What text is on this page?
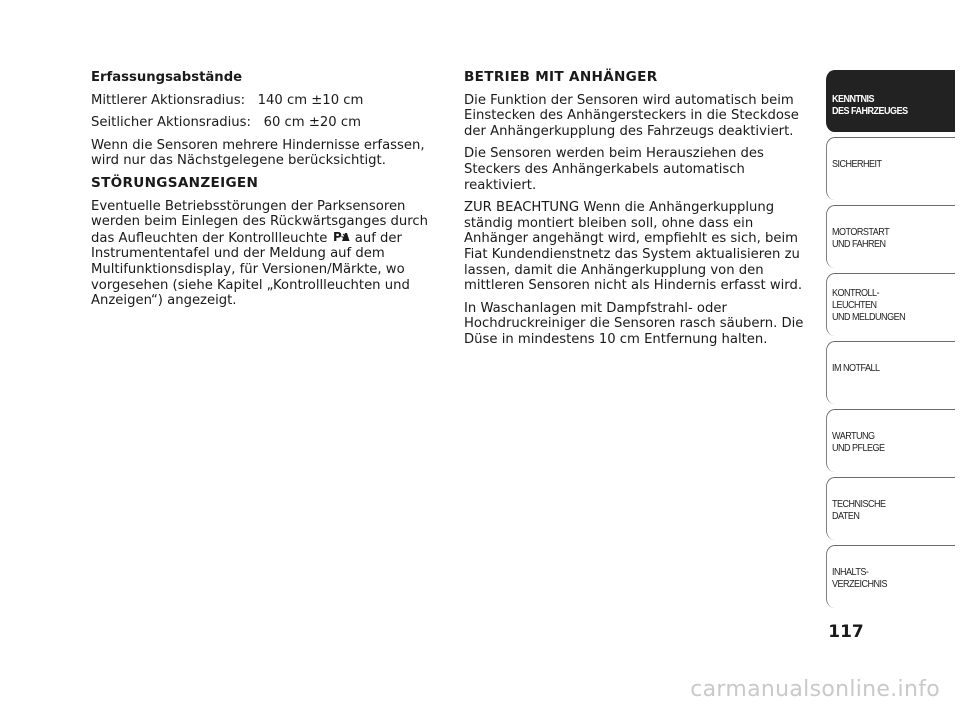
Erfassungsabstände

Mittlerer Aktionsradius: 140 cm ±10 cm
Seitlicher Aktionsradius: 60 cm ±20 cm

Wenn die Sensoren mehrere Hindernisse erfassen, wird nur das Nächstgelegene berücksichtigt.

STÖRUNGSANZEIGEN

Eventuelle Betriebsstörungen der Parksensoren werden beim Einlegen des Rückwärtsganges durch das Aufleuchten der Kontrollleuchte P auf der Instrumententafel und der Meldung auf dem Multifunktionsdisplay, für Versionen/Märkte, wo vorgesehen (siehe Kapitel „Kontrollleuchten und Anzeigen“) angezeigt.

BETRIEB MIT ANHÄNGER

Die Funktion der Sensoren wird automatisch beim Einstecken des Anhängersteckers in die Steckdose der Anhängerkupplung des Fahrzeugs deaktiviert.

Die Sensoren werden beim Herausziehen des Steckers des Anhängerkabels automatisch reaktiviert.

ZUR BEACHTUNG Wenn die Anhängerkupplung ständig montiert bleiben soll, ohne dass ein Anhänger angehängt wird, empfiehlt es sich, beim Fiat Kundendienstnetz das System aktualisieren zu lassen, damit die Anhängerkupplung von den mittleren Sensoren nicht als Hindernis erfasst wird.

In Waschanlagen mit Dampfstrahl- oder Hochdruckreiniger die Sensoren rasch säubern. Die Düse in mindestens 10 cm Entfernung halten.

KENNTNIS
DES FAHRZEUGES
SICHERHEIT
MOTORSTART
UND FAHREN
KONTROLL-
LEUCHTEN
UND MELDUNGEN
IM NOTFALL
WARTUNG
UND PFLEGE
TECHNISCHE
DATEN
INHALTS-
VERZEICHNIS
117
carmanualsonline.info
